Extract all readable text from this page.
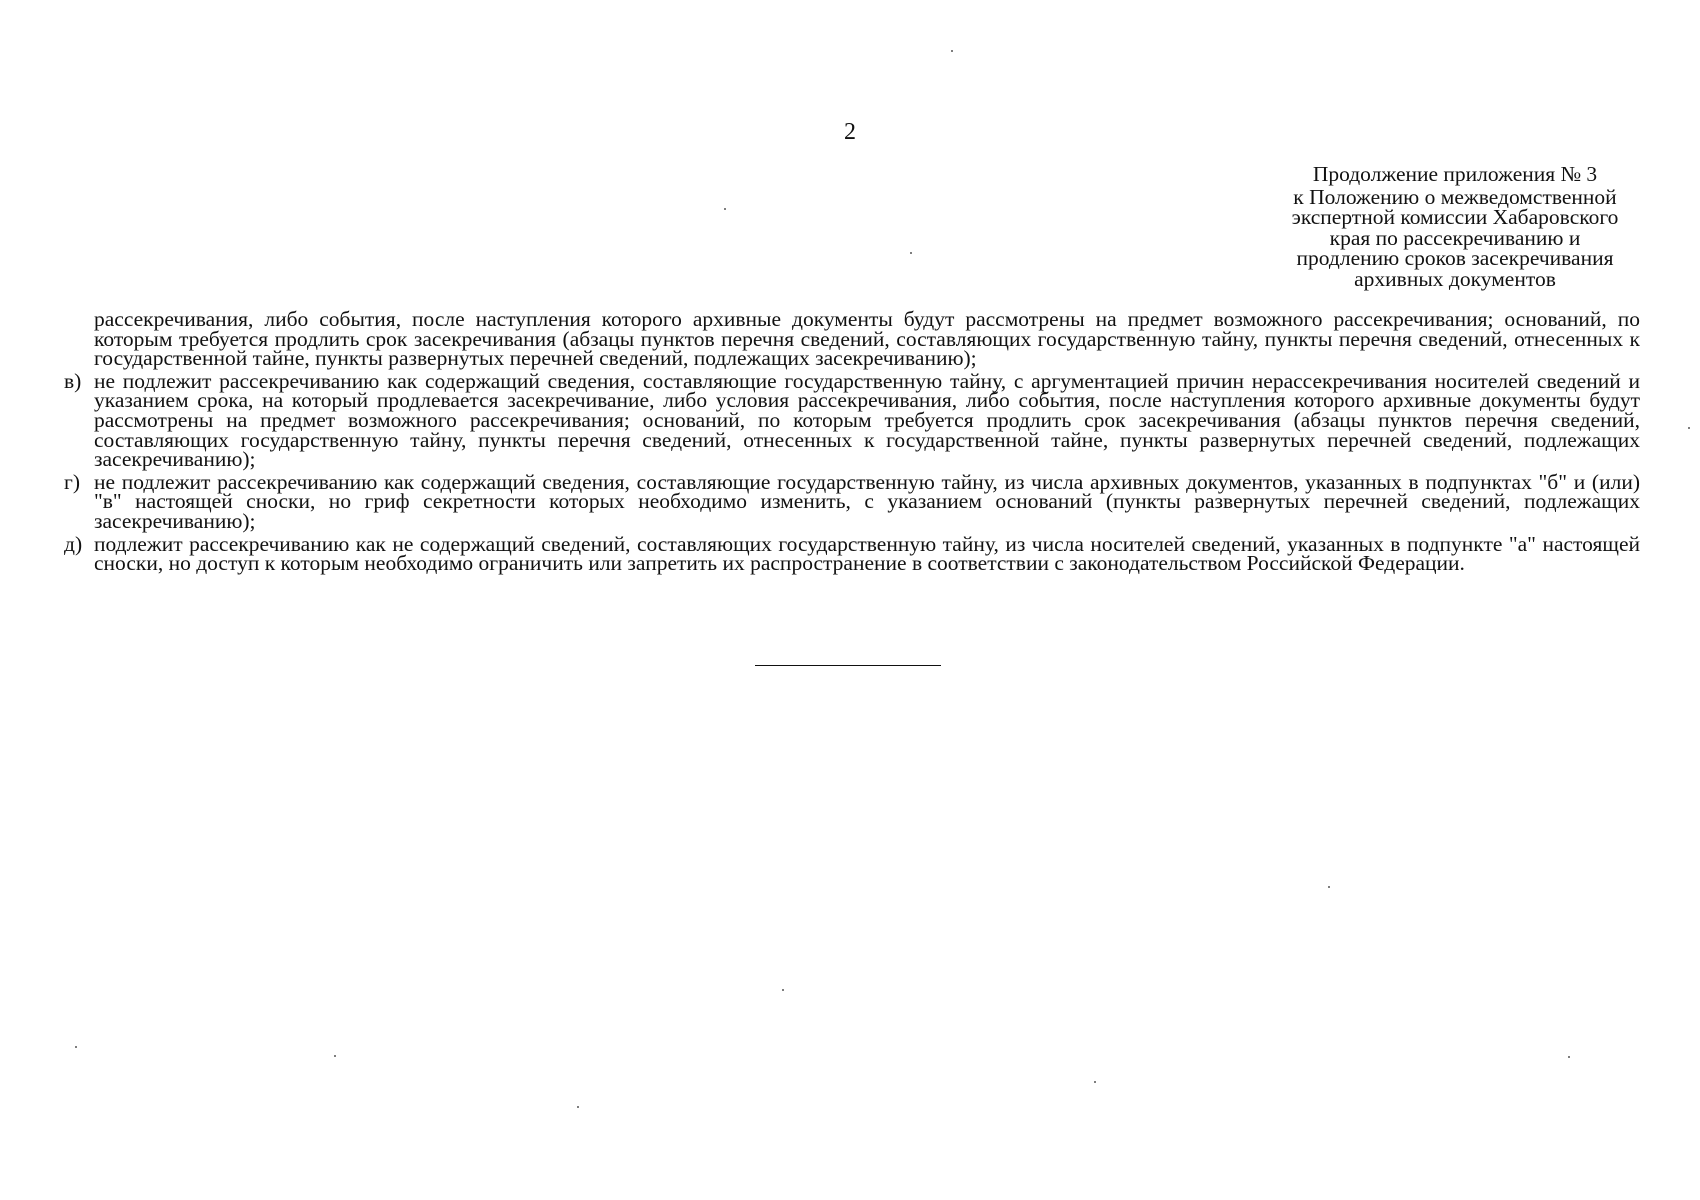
2
Продолжение приложения № 3
к Положению о межведомственной
экспертной комиссии Хабаровского
края по рассекречиванию и
продлению сроков засекречивания
архивных документов
рассекречивания, либо события, после наступления которого архивные документы будут рассмотрены на предмет возможного рассекречивания; оснований, по которым требуется продлить срок засекречивания (абзацы пунктов перечня сведений, составляющих государственную тайну, пункты перечня сведений, отнесенных к государственной тайне, пункты развернутых перечней сведений, подлежащих засекречиванию);
в) не подлежит рассекречиванию как содержащий сведения, составляющие государственную тайну, с аргументацией причин нерассекречивания носителей сведений и указанием срока, на который продлевается засекречивание, либо условия рассекречивания, либо события, после наступления которого архивные документы будут рассмотрены на предмет возможного рассекречивания; оснований, по которым требуется продлить срок засекречивания (абзацы пунктов перечня сведений, составляющих государственную тайну, пункты перечня сведений, отнесенных к государственной тайне, пункты развернутых перечней сведений, подлежащих засекречиванию);
г) не подлежит рассекречиванию как содержащий сведения, составляющие государственную тайну, из числа архивных документов, указанных в подпунктах "б" и (или) "в" настоящей сноски, но гриф секретности которых необходимо изменить, с указанием оснований (пункты развернутых перечней сведений, подлежащих засекречиванию);
д) подлежит рассекречиванию как не содержащий сведений, составляющих государственную тайну, из числа носителей сведений, указанных в подпункте "а" настоящей сноски, но доступ к которым необходимо ограничить или запретить их распространение в соответствии с законодательством Российской Федерации.
